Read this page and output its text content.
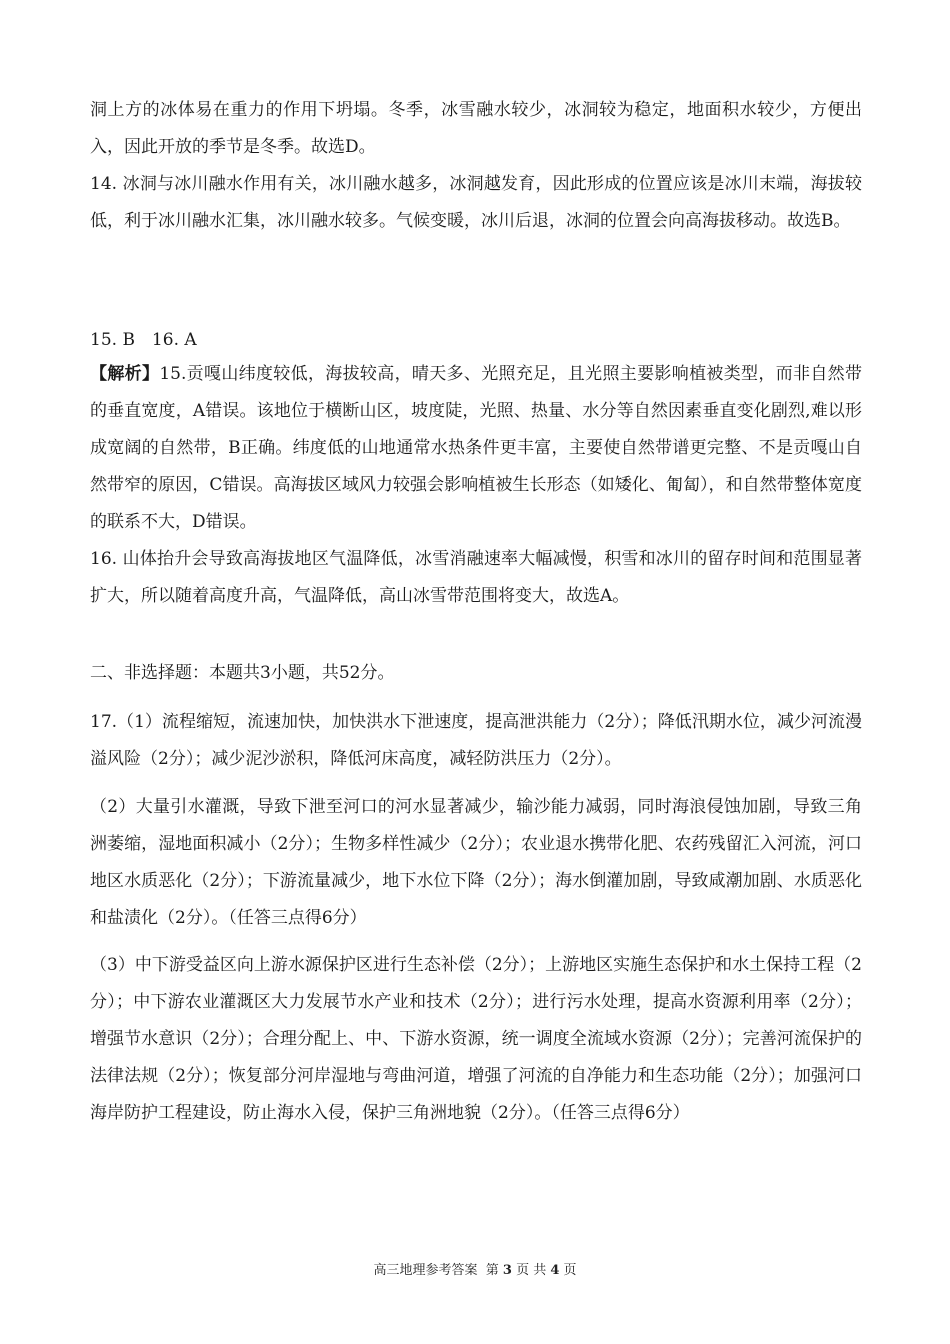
洞上方的冰体易在重力的作用下坍塌。冬季，冰雪融水较少，冰洞较为稳定，地面积水较少，方便出入，因此开放的季节是冬季。故选D。

14. 冰洞与冰川融水作用有关，冰川融水越多，冰洞越发育，因此形成的位置应该是冰川末端，海拔较低，利于冰川融水汇集，冰川融水较多。气候变暖，冰川后退，冰洞的位置会向高海拔移动。故选B。

15. B　16. A

【解析】15.贡嘎山纬度较低，海拔较高，晴天多、光照充足，且光照主要影响植被类型，而非自然带的垂直宽度，A错误。该地位于横断山区，坡度陡，光照、热量、水分等自然因素垂直变化剧烈,难以形成宽阔的自然带，B正确。纬度低的山地通常水热条件更丰富，主要使自然带谱更完整、不是贡嘎山自然带窄的原因，C错误。高海拔区域风力较强会影响植被生长形态（如矮化、匍匐），和自然带整体宽度的联系不大，D错误。

16. 山体抬升会导致高海拔地区气温降低，冰雪消融速率大幅减慢，积雪和冰川的留存时间和范围显著扩大，所以随着高度升高，气温降低，高山冰雪带范围将变大，故选A。

二、非选择题：本题共3小题，共52分。

17.（1）流程缩短，流速加快，加快洪水下泄速度，提高泄洪能力（2分）；降低汛期水位，减少河流漫溢风险（2分）；减少泥沙淤积，降低河床高度，减轻防洪压力（2分）。

（2）大量引水灌溉，导致下泄至河口的河水显著减少，输沙能力减弱，同时海浪侵蚀加剧，导致三角洲萎缩，湿地面积减小（2分）；生物多样性减少（2分）；农业退水携带化肥、农药残留汇入河流，河口地区水质恶化（2分）；下游流量减少，地下水位下降（2分）；海水倒灌加剧，导致咸潮加剧、水质恶化和盐渍化（2分）。（任答三点得6分）

（3）中下游受益区向上游水源保护区进行生态补偿（2分）；上游地区实施生态保护和水土保持工程（2分）；中下游农业灌溉区大力发展节水产业和技术（2分）；进行污水处理，提高水资源利用率（2分）；增强节水意识（2分）；合理分配上、中、下游水资源，统一调度全流域水资源（2分）；完善河流保护的法律法规（2分）；恢复部分河岸湿地与弯曲河道，增强了河流的自净能力和生态功能（2分）；加强河口海岸防护工程建设，防止海水入侵，保护三角洲地貌（2分）。（任答三点得6分）

高三地理参考答案 第 3 页 共 4 页
